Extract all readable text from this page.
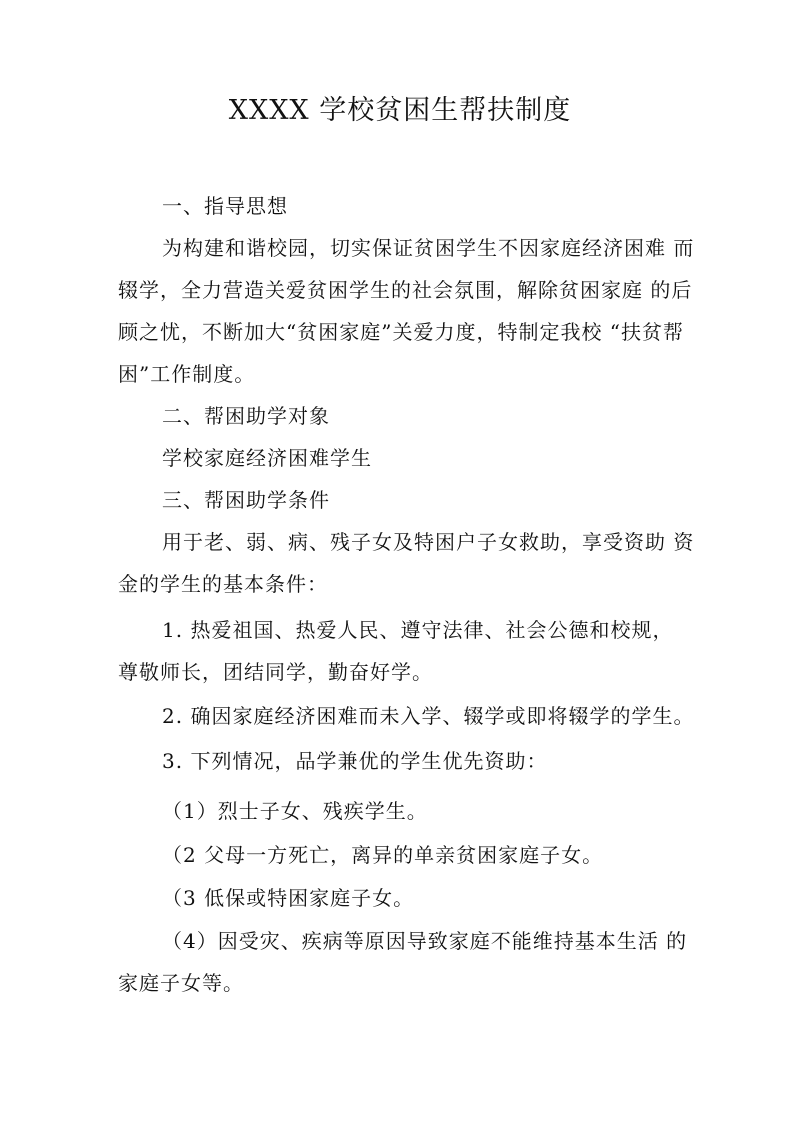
XXXX 学校贫困生帮扶制度

一、指导思想

为构建和谐校园，切实保证贫困学生不因家庭经济困难 而辍学，全力营造关爱贫困学生的社会氛围，解除贫困家庭 的后顾之忧，不断加大“贫困家庭”关爱力度，特制定我校 “扶贫帮困”工作制度。

二、帮困助学对象

学校家庭经济困难学生

三、帮困助学条件

用于老、弱、病、残子女及特困户子女救助，享受资助 资金的学生的基本条件：

1. 热爱祖国、热爱人民、遵守法律、社会公德和校规，  尊敬师长，团结同学，勤奋好学。

2. 确因家庭经济困难而未入学、辍学或即将辍学的学生。

3. 下列情况，品学兼优的学生优先资助：

（1）烈士子女、残疾学生。

（2 父母一方死亡，离异的单亲贫困家庭子女。

（3 低保或特困家庭子女。

（4）因受灾、疾病等原因导致家庭不能维持基本生活 的家庭子女等。
